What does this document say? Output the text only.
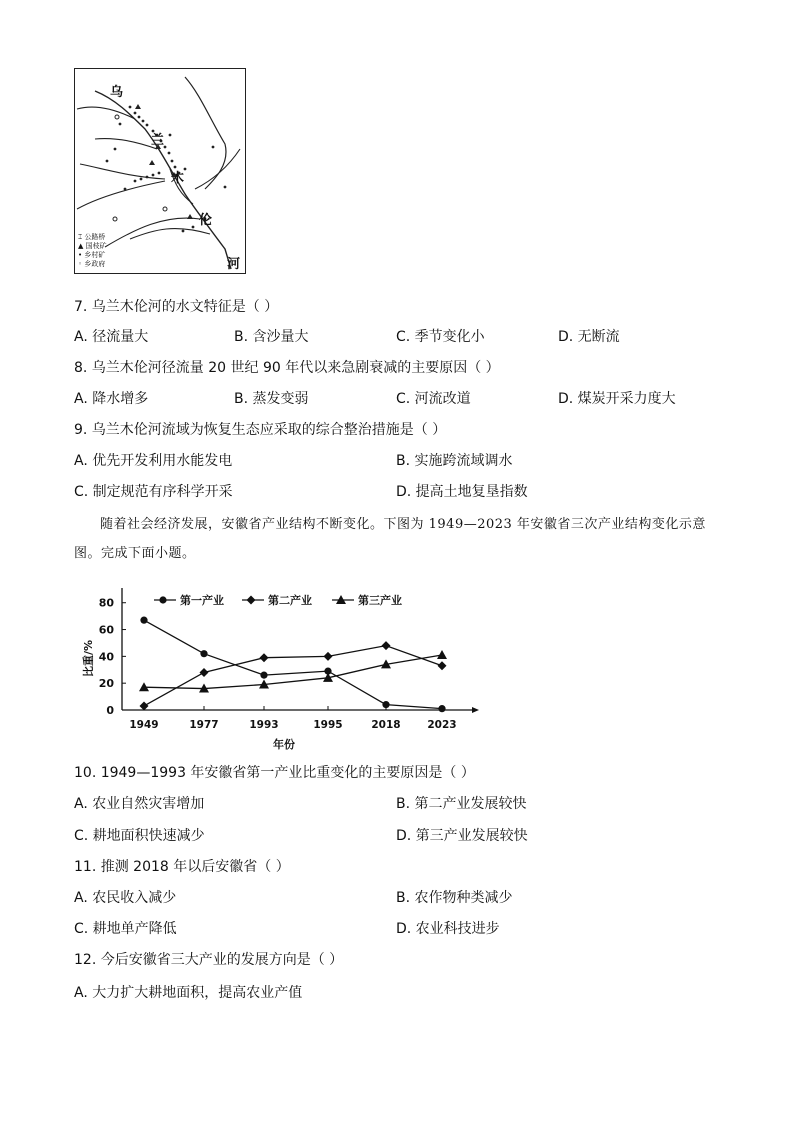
乌
兰
木
伦
河
⌶ 公路桥
▲ 国枝矿
• 乡村矿
◦ 乡政府
7. 乌兰木伦河的水文特征是（ ）
A. 径流量大	B. 含沙量大	C. 季节变化小	D. 无断流
8. 乌兰木伦河径流量 20 世纪 90 年代以来急剧衰减的主要原因（ ）
A. 降水增多	B. 蒸发变弱	C. 河流改道	D. 煤炭开采力度大
9. 乌兰木伦河流域为恢复生态应采取的综合整治措施是（ ）
A. 优先开发利用水能发电	B. 实施跨流域调水
C. 制定规范有序科学开采	D. 提高土地复垦指数
随着社会经济发展，安徽省产业结构不断变化。下图为 1949—2023 年安徽省三次产业结构变化示意
图。完成下面小题。
0
20
40
60
80
1949	1977	1993	1995	2018	2023
年份
比重/%
第一产业	第二产业	第三产业
10. 1949—1993 年安徽省第一产业比重变化的主要原因是（ ）
A. 农业自然灾害增加	B. 第二产业发展较快
C. 耕地面积快速减少	D. 第三产业发展较快
11. 推测 2018 年以后安徽省（ ）
A. 农民收入减少	B. 农作物种类减少
C. 耕地单产降低	D. 农业科技进步
12. 今后安徽省三大产业的发展方向是（ ）
A. 大力扩大耕地面积，提高农业产值
